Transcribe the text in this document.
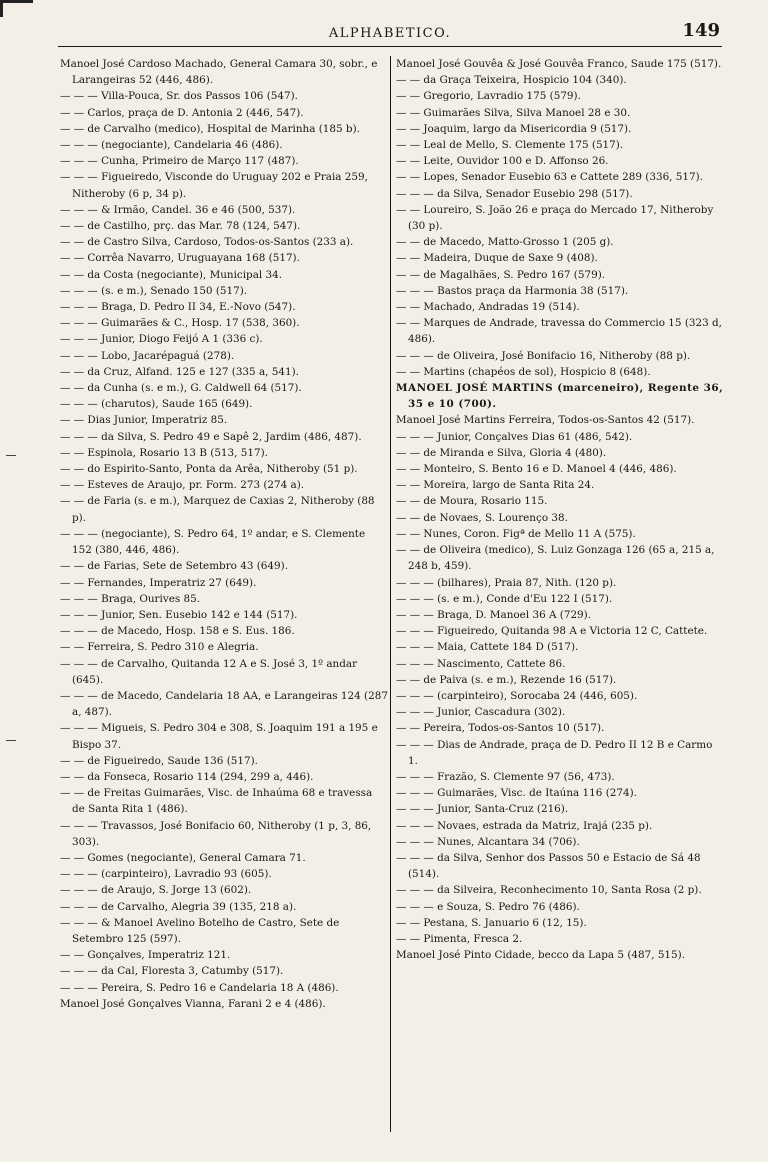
ALPHABETICO.	149

Manoel José Cardoso Machado, General Camara 30, sobr., e Larangeiras 52 (446, 486).

— — — Villa-Pouca, Sr. dos Passos 106 (547).

— — Carlos, praça de D. Antonia 2 (446, 547).

— — de Carvalho (medico), Hospital de Marinha (185 b).

— — — (negociante), Candelaria 46 (486).

— — — Cunha, Primeiro de Março 117 (487).

— — — Figueiredo, Visconde do Uruguay 202 e Praia 259, Nitheroby (6 p, 34 p).

— — — & Irmão, Candel. 36 e 46 (500, 537).

— — de Castilho, prç. das Mar. 78 (124, 547).

— — de Castro Silva, Cardoso, Todos-os-Santos (233 a).

— — Corrêa Navarro, Uruguayana 168 (517).

— — da Costa (negociante), Municipal 34.

— — — (s. e m.), Senado 150 (517).

— — — Braga, D. Pedro II 34, E.-Novo (547).

— — — Guimarães & C., Hosp. 17 (538, 360).

— — — Junior, Diogo Feijó A 1 (336 c).

— — — Lobo, Jacarépaguá (278).

— — da Cruz, Alfand. 125 e 127 (335 a, 541).

— — da Cunha (s. e m.), G. Caldwell 64 (517).

— — — (charutos), Saude 165 (649).

— — Dias Junior, Imperatriz 85.

— — — da Silva, S. Pedro 49 e Sapê 2, Jardim (486, 487).

— — Espinola, Rosario 13 B (513, 517).

— — do Espirito-Santo, Ponta da Arêa, Nitheroby (51 p).

— — Esteves de Araujo, pr. Form. 273 (274 a).

— — de Faria (s. e m.), Marquez de Caxias 2, Nitheroby (88 p).

— — — (negociante), S. Pedro 64, 1º andar, e S. Clemente 152 (380, 446, 486).

— — de Farias, Sete de Setembro 43 (649).

— — Fernandes, Imperatriz 27 (649).

— — — Braga, Ourives 85.

— — — Junior, Sen. Eusebio 142 e 144 (517).

— — — de Macedo, Hosp. 158 e S. Eus. 186.

— — Ferreira, S. Pedro 310 e Alegria.

— — — de Carvalho, Quitanda 12 A e S. José 3, 1º andar (645).

— — — de Macedo, Candelaria 18 AA, e Larangeiras 124 (287 a, 487).

— — — Migueis, S. Pedro 304 e 308, S. Joaquim 191 a 195 e Bispo 37.

— — de Figueiredo, Saude 136 (517).

— — da Fonseca, Rosario 114 (294, 299 a, 446).

— — de Freitas Guimarães, Visc. de Inhaúma 68 e travessa de Santa Rita 1 (486).

— — — Travassos, José Bonifacio 60, Nitheroby (1 p, 3, 86, 303).

— — Gomes (negociante), General Camara 71.

— — — (carpinteiro), Lavradio 93 (605).

— — — de Araujo, S. Jorge 13 (602).

— — — de Carvalho, Alegria 39 (135, 218 a).

— — — & Manoel Avelino Botelho de Castro, Sete de Setembro 125 (597).

— — Gonçalves, Imperatriz 121.

— — — da Cal, Floresta 3, Catumby (517).

— — — Pereira, S. Pedro 16 e Candelaria 18 A (486).

Manoel José Gonçalves Vianna, Farani 2 e 4 (486).

Manoel José Gouvêa & José Gouvêa Franco, Saude 175 (517).

— — da Graça Teixeira, Hospicio 104 (340).

— — Gregorio, Lavradio 175 (579).

— — Guimarães Silva, Silva Manoel 28 e 30.

— — Joaquim, largo da Misericordia 9 (517).

— — Leal de Mello, S. Clemente 175 (517).

— — Leite, Ouvidor 100 e D. Affonso 26.

— — Lopes, Senador Eusebio 63 e Cattete 289 (336, 517).

— — — da Silva, Senador Eusebio 298 (517).

— — Loureiro, S. João 26 e praça do Mercado 17, Nitheroby (30 p).

— — de Macedo, Matto-Grosso 1 (205 g).

— — Madeira, Duque de Saxe 9 (408).

— — de Magalhães, S. Pedro 167 (579).

— — — Bastos praça da Harmonia 38 (517).

— — Machado, Andradas 19 (514).

— — Marques de Andrade, travessa do Commercio 15 (323 d, 486).

— — — de Oliveira, José Bonifacio 16, Nitheroby (88 p).

— — Martins (chapéos de sol), Hospicio 8 (648).

MANOEL JOSÉ MARTINS (marceneiro), Regente 36, 35 e 10 (700).

Manoel José Martins Ferreira, Todos-os-Santos 42 (517).

— — — Junior, Conçalves Dias 61 (486, 542).

— — de Miranda e Silva, Gloria 4 (480).

— — Monteiro, S. Bento 16 e D. Manoel 4 (446, 486).

— — Moreira, largo de Santa Rita 24.

— — de Moura, Rosario 115.

— — de Novaes, S. Lourenço 38.

— — Nunes, Coron. Figª de Mello 11 A (575).

— — de Oliveira (medico), S. Luiz Gonzaga 126 (65 a, 215 a, 248 b, 459).

— — — (bilhares), Praia 87, Nith. (120 p).

— — — (s. e m.), Conde d'Eu 122 I (517).

— — — Braga, D. Manoel 36 A (729).

— — — Figueiredo, Quitanda 98 A e Victoria 12 C, Cattete.

— — — Maia, Cattete 184 D (517).

— — — Nascimento, Cattete 86.

— — de Paiva (s. e m.), Rezende 16 (517).

— — — (carpinteiro), Sorocaba 24 (446, 605).

— — — Junior, Cascadura (302).

— — Pereira, Todos-os-Santos 10 (517).

— — — Dias de Andrade, praça de D. Pedro II 12 B e Carmo 1.

— — — Frazão, S. Clemente 97 (56, 473).

— — — Guimarães, Visc. de Itaúna 116 (274).

— — — Junior, Santa-Cruz (216).

— — — Novaes, estrada da Matriz, Irajá (235 p).

— — — Nunes, Alcantara 34 (706).

— — — da Silva, Senhor dos Passos 50 e Estacio de Sá 48 (514).

— — — da Silveira, Reconhecimento 10, Santa Rosa (2 p).

— — — e Souza, S. Pedro 76 (486).

— — Pestana, S. Januario 6 (12, 15).

— — Pimenta, Fresca 2.

Manoel José Pinto Cidade, becco da Lapa 5 (487, 515).
